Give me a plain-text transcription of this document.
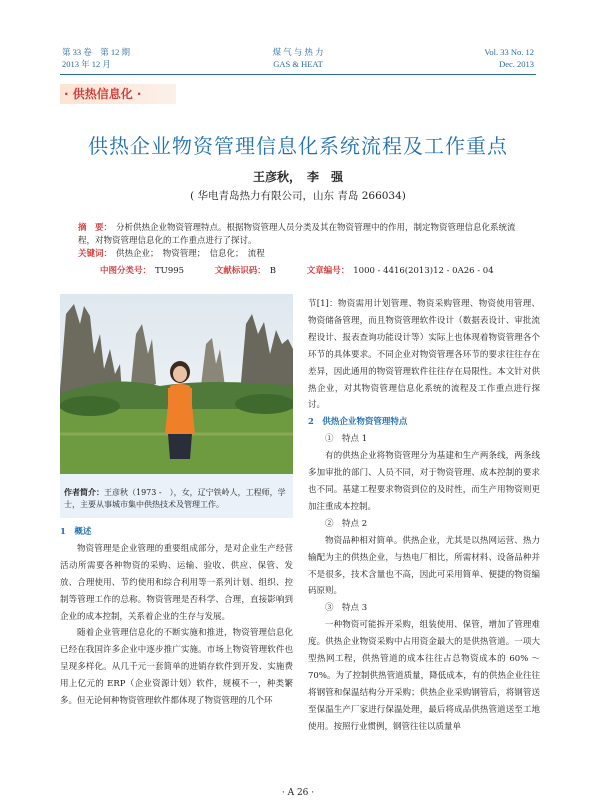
第 33 卷　第 12 期
2013 年 12 月
煤 气 与 热 力
GAS & HEAT
Vol. 33 No. 12
Dec. 2013
· 供热信息化 ·
供热企业物资管理信息化系统流程及工作重点
王彦秋，　李　强
( 华电青岛热力有限公司，山东 青岛 266034)
摘　要： 分析供热企业物资管理特点。根据物资管理人员分类及其在物资管理中的作用，制定物资管理信息化系统流程，对物资管理信息化的工作重点进行了探讨。
关键词： 供热企业；　物资管理；　信息化；　流程
中图分类号： TU995	文献标识码： B	文章编号： 1000 - 4416(2013)12 - 0A26 - 04
作者简介：王彦秋（1973 -　），女，辽宁铁岭人，工程师，学士，主要从事城市集中供热技术及管理工作。

1　概述

物资管理是企业管理的重要组成部分，是对企业生产经营活动所需要各种物资的采购、运输、验收、供应、保管、发放、合理使用、节约使用和综合利用等一系列计划、组织、控制等管理工作的总称。物资管理是否科学、合理，直接影响到企业的成本控制，关系着企业的生存与发展。

随着企业管理信息化的不断实施和推进，物资管理信息化已经在我国许多企业中逐步推广实施。市场上物资管理软件也呈现多样化。从几千元一套简单的进销存软件到开发、实施费用上亿元的 ERP（企业资源计划）软件，规模不一，种类繁多。但无论何种物资管理软件都体现了物资管理的几个环

节[1]：物资需用计划管理、物资采购管理、物资使用管理、物资储备管理，而且物资管理软件设计（数据表设计、审批流程设计、报表查询功能设计等）实际上也体现着物资管理各个环节的具体要求。不同企业对物资管理各环节的要求往往存在差异，因此通用的物资管理软件往往存在局限性。本文针对供热企业，对其物资管理信息化系统的流程及工作重点进行探讨。

2　供热企业物资管理特点

①　特点 1

有的供热企业将物资管理分为基建和生产两条线，两条线多加审批的部门、人员不同，对于物资管理、成本控制的要求也不同。基建工程要求物资到位的及时性，而生产用物资则更加注重成本控制。

②　特点 2

物资品种相对简单。供热企业，尤其是以热网运营、热力输配为主的供热企业，与热电厂相比，所需材料、设备品种并不是很多，技术含量也不高，因此可采用简单、便捷的物资编码原则。

③　特点 3

一种物资可能拆开采购，组装使用、保管，增加了管理难度。供热企业物资采购中占用资金最大的是供热管道。一项大型热网工程，供热管道的成本往往占总物资成本的 60% ～70%。为了控制供热管道质量，降低成本，有的供热企业往往将钢管和保温结构分开采购；供热企业采购钢管后，将钢管送至保温生产厂家进行保温处理，最后将成品供热管道送至工地使用。按照行业惯例，钢管往往以质量单

· A 26 ·
